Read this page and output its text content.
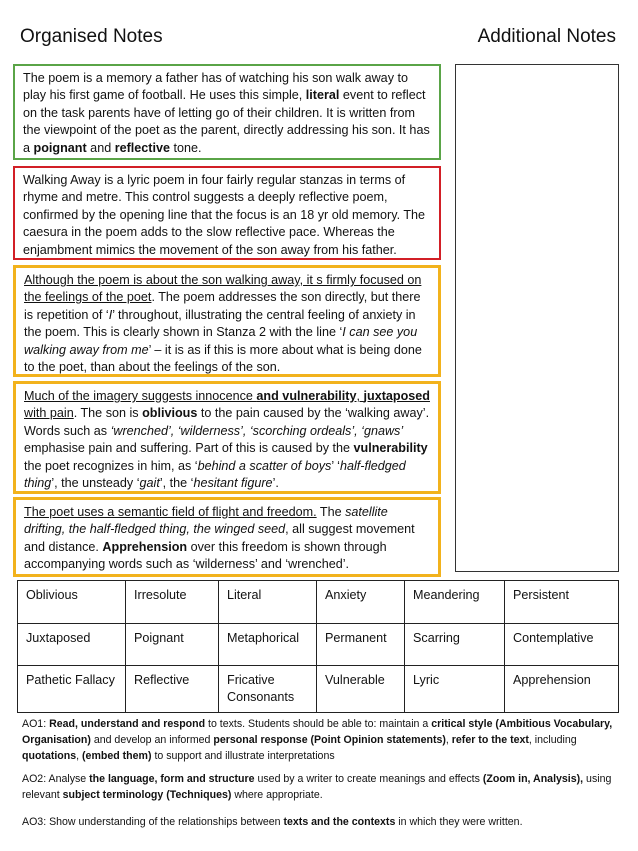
Organised Notes	Additional Notes
The poem is a memory a father has of watching his son walk away to play his first game of football. He uses this simple, literal event to reflect on the task parents have of letting go of their children. It is written from the viewpoint of the poet as the parent, directly addressing his son. It has a poignant and reflective tone.
Walking Away is a lyric poem in four fairly regular stanzas in terms of rhyme and metre. This control suggests a deeply reflective poem, confirmed by the opening line that the focus is an 18 yr old memory. The caesura in the poem adds to the slow reflective pace. Whereas the enjambment mimics the movement of the son away from his father.
Although the poem is about the son walking away, it s firmly focused on the feelings of the poet. The poem addresses the son directly, but there is repetition of ‘I’ throughout, illustrating the central feeling of anxiety in the poem. This is clearly shown in Stanza 2 with the line ‘I can see you walking away from me’ – it is as if this is more about what is being done to the poet, than about the feelings of the son.
Much of the imagery suggests innocence and vulnerability, juxtaposed with pain. The son is oblivious to the pain caused by the ‘walking away’. Words such as ‘wrenched’, ‘wilderness’, ‘scorching ordeals’, ‘gnaws’ emphasise pain and suffering. Part of this is caused by the vulnerability the poet recognizes in him, as ‘behind a scatter of boys’ ‘half-fledged thing’, the unsteady ‘gait’, the ‘hesitant figure’.
The poet uses a semantic field of flight and freedom. The satellite drifting, the half-fledged thing, the winged seed, all suggest movement and distance. Apprehension over this freedom is shown through accompanying words such as ‘wilderness’ and ‘wrenched’.
Oblivious	Irresolute	Literal	Anxiety	Meandering	Persistent
Juxtaposed	Poignant	Metaphorical	Permanent	Scarring	Contemplative
Pathetic Fallacy	Reflective	Fricative Consonants	Vulnerable	Lyric	Apprehension
AO1: Read, understand and respond to texts. Students should be able to: maintain a critical style (Ambitious Vocabulary, Organisation) and develop an informed personal response (Point Opinion statements), refer to the text, including quotations, (embed them) to support and illustrate interpretations
AO2: Analyse the language, form and structure used by a writer to create meanings and effects (Zoom in, Analysis), using relevant subject terminology (Techniques) where appropriate.
AO3: Show understanding of the relationships between texts and the contexts in which they were written.
